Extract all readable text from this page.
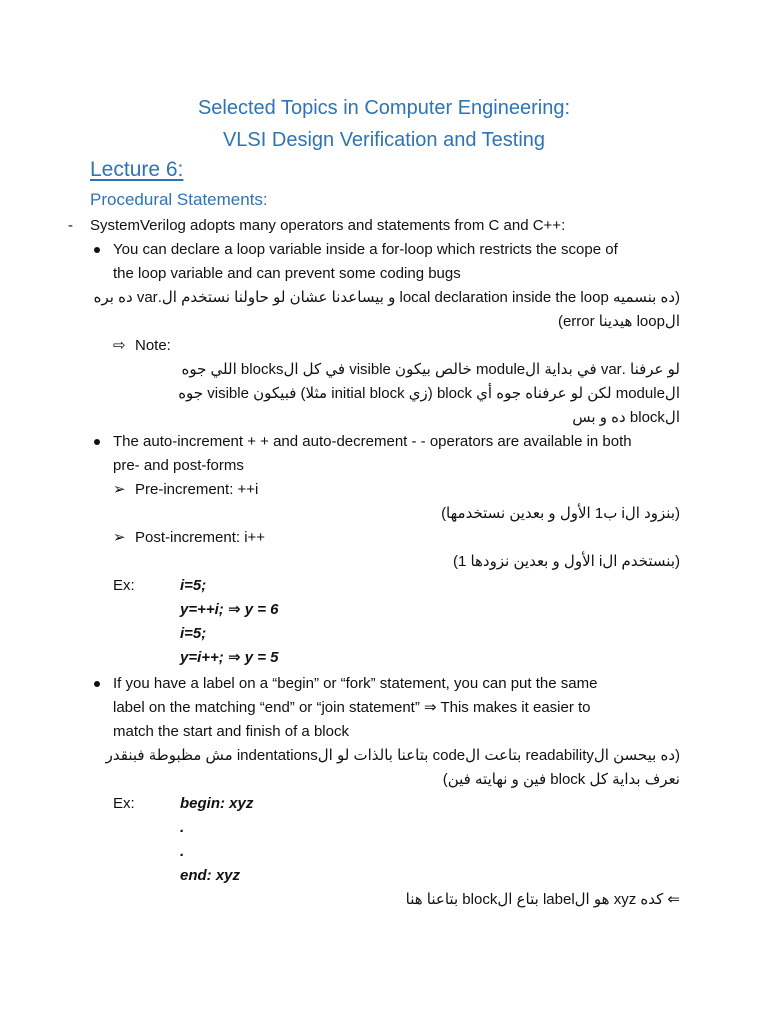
Selected Topics in Computer Engineering:
VLSI Design Verification and Testing
Lecture 6:
Procedural Statements:
- SystemVerilog adopts many operators and statements from C and C++:
You can declare a loop variable inside a for-loop which restricts the scope of
the loop variable and can prevent some coding bugs
(ده بنسميه local declaration inside the loop و بيساعدنا عشان لو حاولنا نستخدم ال.var ده بره
الloop هيدينا error)
⇨ Note:
لو عرفنا .var في بداية الmodule خالص بيكون visible في كل الblocks اللي جوه
الmodule لكن لو عرفناه جوه أي block (زي initial block مثلا) فبيكون visible جوه
الblock ده و بس
The auto-increment + + and auto-decrement - - operators are available in both
pre- and post-forms
➢ Pre-increment: ++i
(بنزود الi ب1 الأول و بعدين نستخدمها)
➢ Post-increment: i++
(بنستخدم الi الأول و بعدين نزودها 1)
Ex:	i=5;
y=++i; ⇒ y = 6
i=5;
y=i++; ⇒ y = 5
If you have a label on a “begin” or “fork” statement, you can put the same
label on the matching “end” or “join statement” ⇒ This makes it easier to
match the start and finish of a block
(ده بيحسن الreadability بتاعت الcode بتاعنا بالذات لو الindentations مش مظبوطة فبنقدر
نعرف بداية كل block فين و نهايته فين)
Ex:	begin: xyz
.
.
end: xyz
⇐ كده xyz هو الlabel بتاع الblock بتاعنا هنا
